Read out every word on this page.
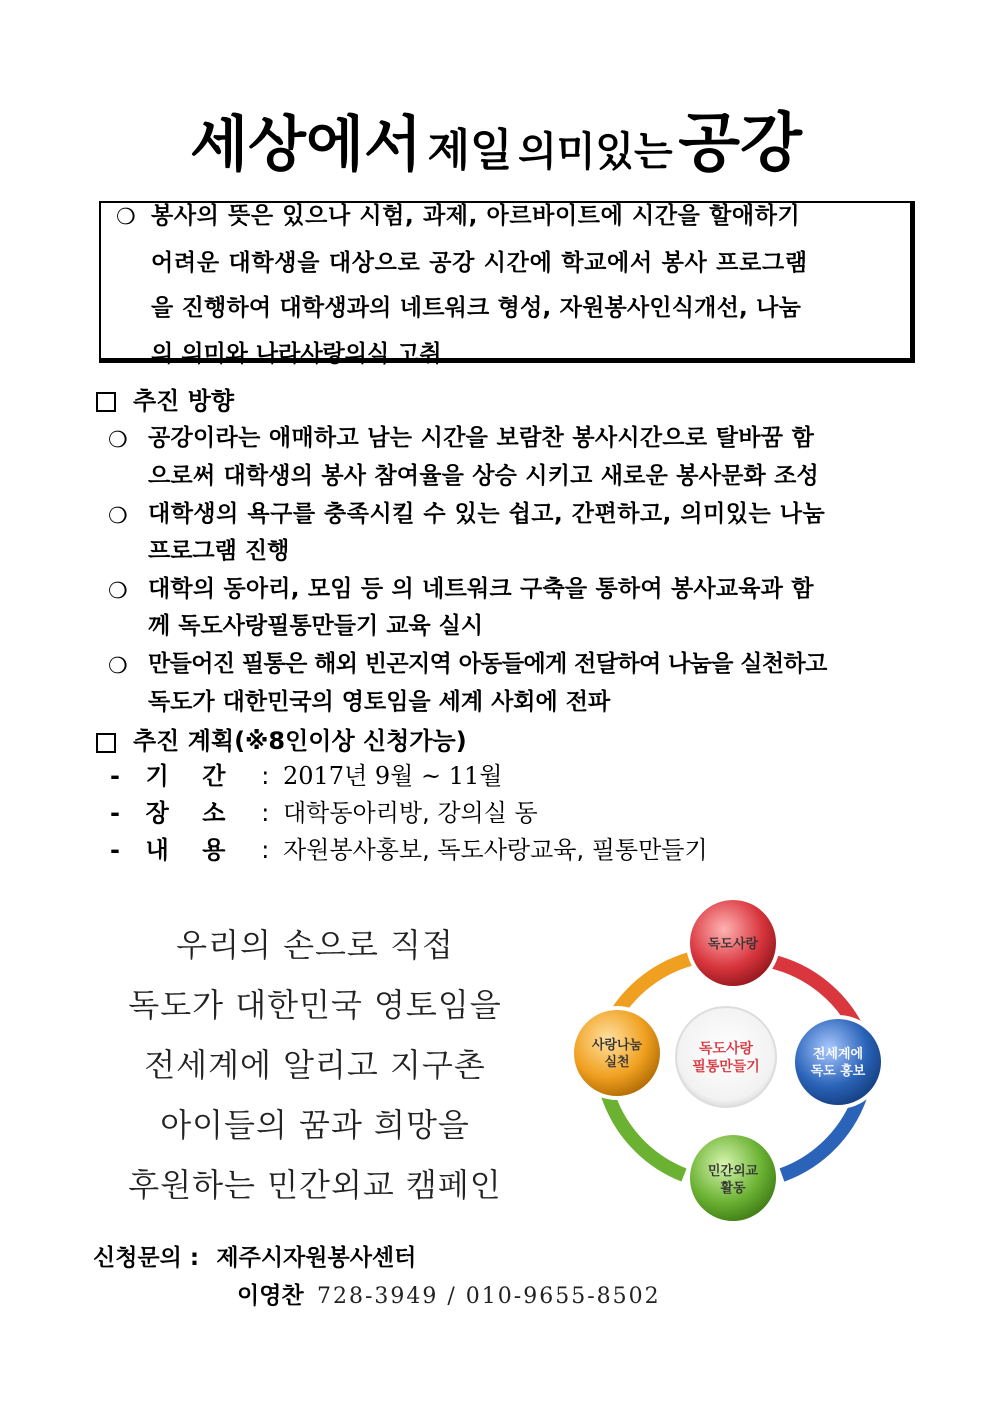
세상에서 제일 의미있는 공강
❍ 봉사의 뜻은 있으나 시험, 과제, 아르바이트에 시간을 할애하기
어려운 대학생을 대상으로 공강 시간에 학교에서 봉사 프로그램
을 진행하여 대학생과의 네트워크 형성, 자원봉사인식개선, 나눔
의 의미와 나라사랑의식 고취
추진 방향
❍ 공강이라는 애매하고 남는 시간을 보람찬 봉사시간으로 탈바꿈 함
으로써 대학생의 봉사 참여율을 상승 시키고 새로운 봉사문화 조성
❍ 대학생의 욕구를 충족시킬 수 있는 쉽고, 간편하고, 의미있는 나눔
프로그램 진행
❍ 대학의 동아리, 모임 등 의 네트워크 구축을 통하여 봉사교육과 함
께 독도사랑필통만들기 교육 실시
❍ 만들어진 필통은 해외 빈곤지역 아동들에게 전달하여 나눔을 실천하고
독도가 대한민국의 영토임을 세계 사회에 전파
추진 계획(※8인이상 신청가능)
- 기    간 : 2017년 9월 ~ 11월
- 장    소 : 대학동아리방, 강의실 동
- 내    용 : 자원봉사홍보, 독도사랑교육, 필통만들기
우리의 손으로 직접
독도가 대한민국 영토임을
전세계에 알리고 지구촌
아이들의 꿈과 희망을
후원하는 민간외교 캠페인
독도사랑
전세계에
독도 홍보
민간외교
활동
사랑나눔
실천
독도사랑
필통만들기
신청문의 : 제주시자원봉사센터
이영찬 728-3949 / 010-9655-8502
